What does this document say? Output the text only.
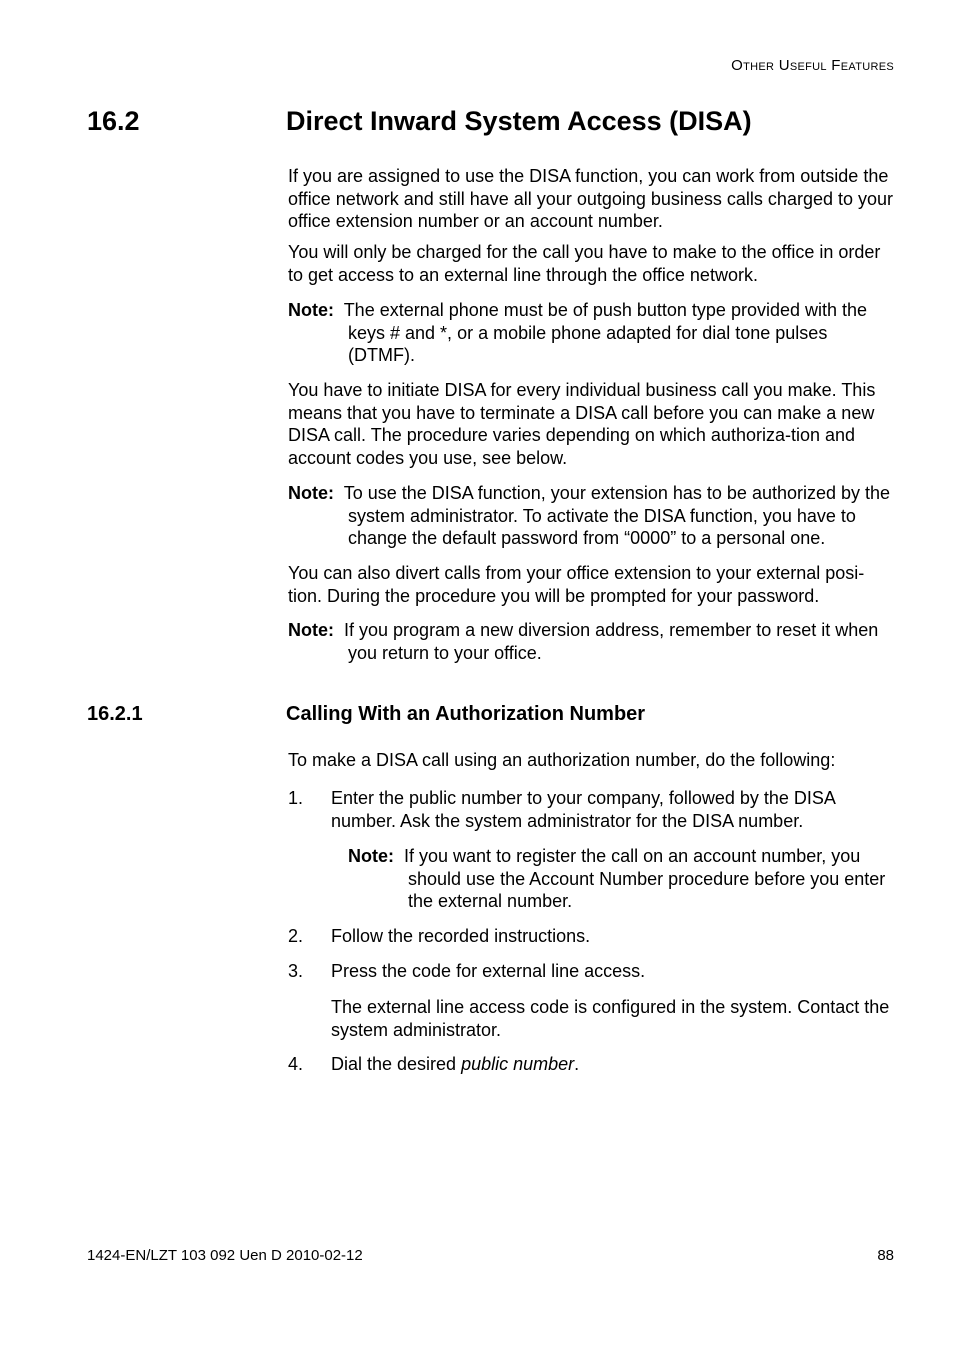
Other Useful Features
16.2	Direct Inward System Access (DISA)
If you are assigned to use the DISA function, you can work from outside the office network and still have all your outgoing business calls charged to your office extension number or an account number.
You will only be charged for the call you have to make to the office in order to get access to an external line through the office network.
Note: The external phone must be of push button type provided with the keys # and *, or a mobile phone adapted for dial tone pulses (DTMF).
You have to initiate DISA for every individual business call you make. This means that you have to terminate a DISA call before you can make a new DISA call. The procedure varies depending on which authoriza-tion and account codes you use, see below.
Note: To use the DISA function, your extension has to be authorized by the system administrator. To activate the DISA function, you have to change the default password from “0000” to a personal one.
You can also divert calls from your office extension to your external posi-tion. During the procedure you will be prompted for your password.
Note: If you program a new diversion address, remember to reset it when you return to your office.
16.2.1	Calling With an Authorization Number
To make a DISA call using an authorization number, do the following:
1. Enter the public number to your company, followed by the DISA number. Ask the system administrator for the DISA number.
Note: If you want to register the call on an account number, you should use the Account Number procedure before you enter the external number.
2. Follow the recorded instructions.
3. Press the code for external line access.
The external line access code is configured in the system. Contact the system administrator.
4. Dial the desired public number.
1424-EN/LZT 103 092 Uen D 2010-02-12	88
